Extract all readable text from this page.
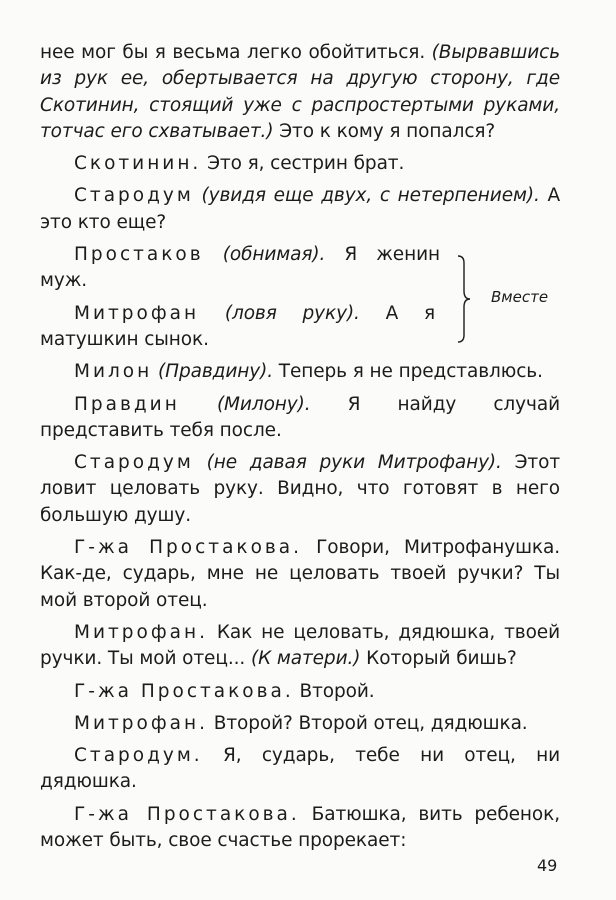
нее мог бы я весьма легко обойтиться. (Вырвавшись из рук ее, обертывается на другую сторону, где Скотинин, стоящий уже с распростертыми руками, тотчас его схватывает.) Это к кому я попался?

Скотинин. Это я, сестрин брат.

Стародум (увидя еще двух, с нетерпением). А это кто еще?

Простаков (обнимая). Я женин муж.

Митрофан (ловя руку). А я матушкин сынок.

Милон (Правдину). Теперь я не представлюсь.

Правдин (Милону). Я найду случай представить тебя после.

Стародум (не давая руки Митрофану). Этот ловит целовать руку. Видно, что готовят в него большую душу.

Г-жа Простакова. Говори, Митрофанушка. Как-де, сударь, мне не целовать твоей ручки? Ты мой второй отец.

Митрофан. Как не целовать, дядюшка, твоей ручки. Ты мой отец... (К матери.) Который бишь?

Г-жа Простакова. Второй.

Митрофан. Второй? Второй отец, дядюшка.

Стародум. Я, сударь, тебе ни отец, ни дядюшка.

Г-жа Простакова. Батюшка, вить ребенок, может быть, свое счастье прорекает:

Вместе
49
